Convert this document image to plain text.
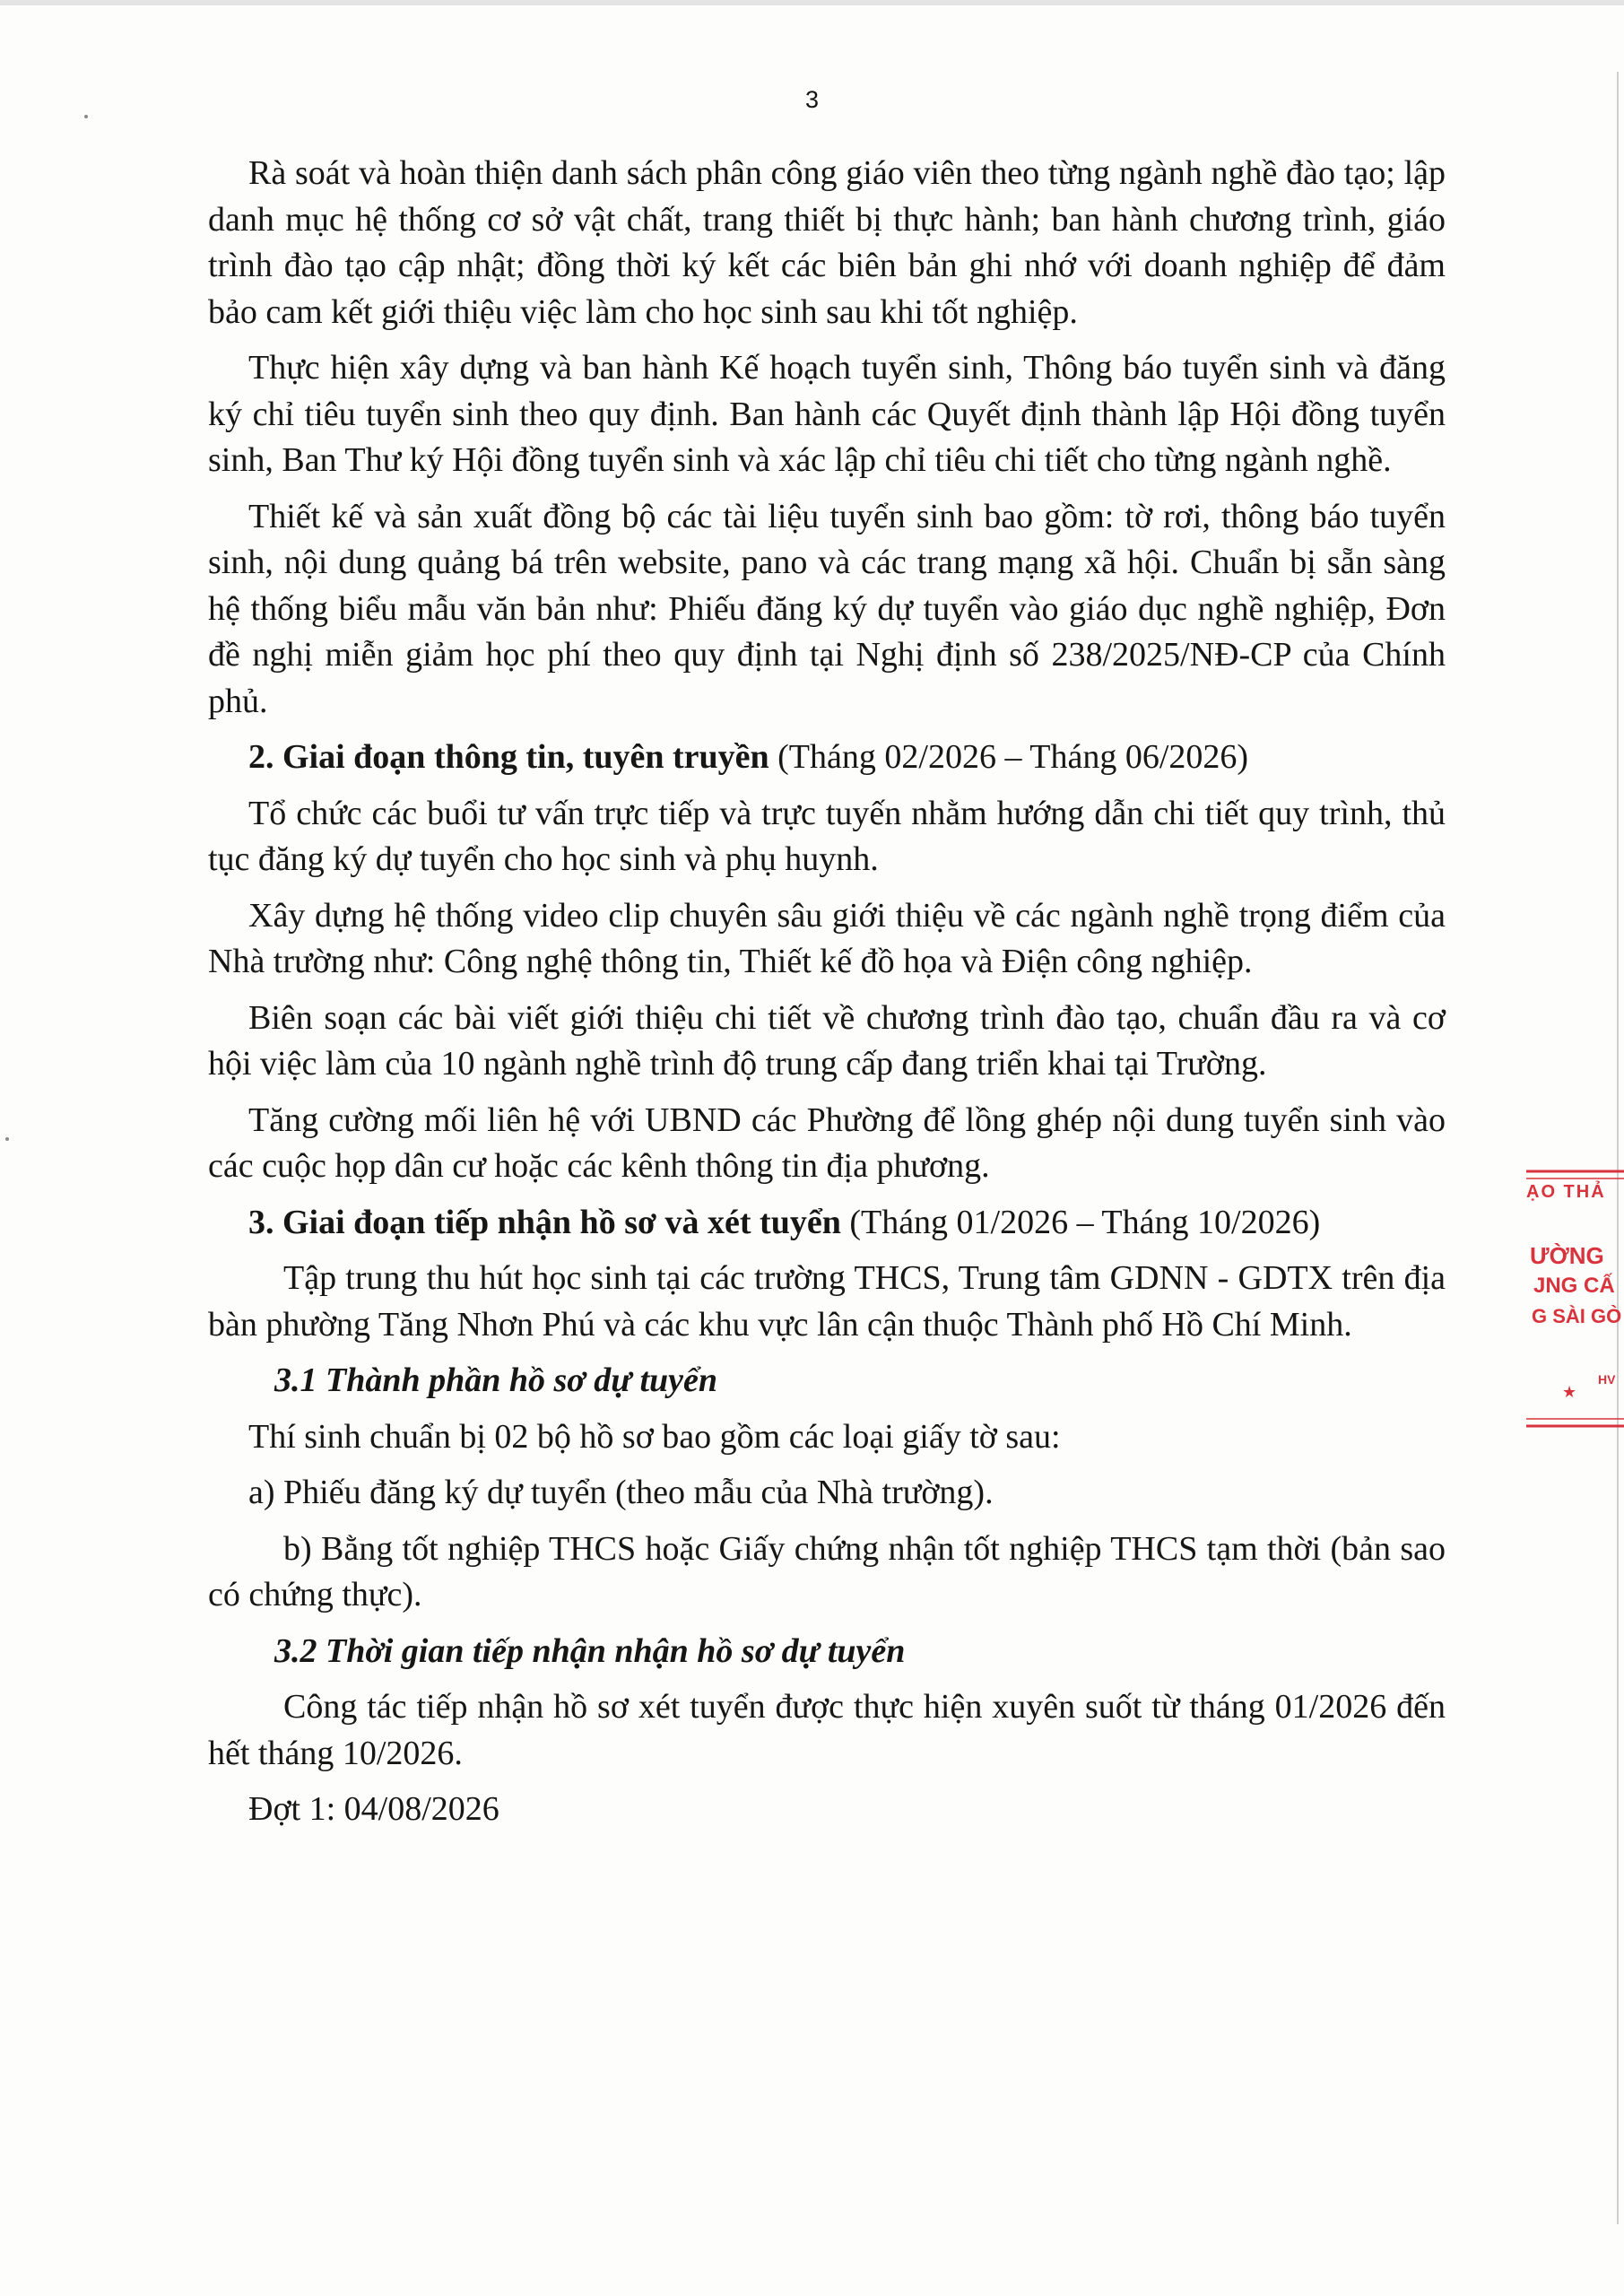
3

Rà soát và hoàn thiện danh sách phân công giáo viên theo từng ngành nghề đào tạo; lập danh mục hệ thống cơ sở vật chất, trang thiết bị thực hành; ban hành chương trình, giáo trình đào tạo cập nhật; đồng thời ký kết các biên bản ghi nhớ với doanh nghiệp để đảm bảo cam kết giới thiệu việc làm cho học sinh sau khi tốt nghiệp.

Thực hiện xây dựng và ban hành Kế hoạch tuyển sinh, Thông báo tuyển sinh và đăng ký chỉ tiêu tuyển sinh theo quy định. Ban hành các Quyết định thành lập Hội đồng tuyển sinh, Ban Thư ký Hội đồng tuyển sinh và xác lập chỉ tiêu chi tiết cho từng ngành nghề.

Thiết kế và sản xuất đồng bộ các tài liệu tuyển sinh bao gồm: tờ rơi, thông báo tuyển sinh, nội dung quảng bá trên website, pano và các trang mạng xã hội. Chuẩn bị sẵn sàng hệ thống biểu mẫu văn bản như: Phiếu đăng ký dự tuyển vào giáo dục nghề nghiệp, Đơn đề nghị miễn giảm học phí theo quy định tại Nghị định số 238/2025/NĐ-CP của Chính phủ.

2. Giai đoạn thông tin, tuyên truyền (Tháng 02/2026 – Tháng 06/2026)

Tổ chức các buổi tư vấn trực tiếp và trực tuyến nhằm hướng dẫn chi tiết quy trình, thủ tục đăng ký dự tuyển cho học sinh và phụ huynh.

Xây dựng hệ thống video clip chuyên sâu giới thiệu về các ngành nghề trọng điểm của Nhà trường như: Công nghệ thông tin, Thiết kế đồ họa và Điện công nghiệp.

Biên soạn các bài viết giới thiệu chi tiết về chương trình đào tạo, chuẩn đầu ra và cơ hội việc làm của 10 ngành nghề trình độ trung cấp đang triển khai tại Trường.

Tăng cường mối liên hệ với UBND các Phường để lồng ghép nội dung tuyển sinh vào các cuộc họp dân cư hoặc các kênh thông tin địa phương.

3. Giai đoạn tiếp nhận hồ sơ và xét tuyển (Tháng 01/2026 – Tháng 10/2026)

Tập trung thu hút học sinh tại các trường THCS, Trung tâm GDNN - GDTX trên địa bàn phường Tăng Nhơn Phú và các khu vực lân cận thuộc Thành phố Hồ Chí Minh.

3.1 Thành phần hồ sơ dự tuyển

Thí sinh chuẩn bị 02 bộ hồ sơ bao gồm các loại giấy tờ sau:

a) Phiếu đăng ký dự tuyển (theo mẫu của Nhà trường).

b) Bằng tốt nghiệp THCS hoặc Giấy chứng nhận tốt nghiệp THCS tạm thời (bản sao có chứng thực).

3.2 Thời gian tiếp nhận nhận hồ sơ dự tuyển

Công tác tiếp nhận hồ sơ xét tuyển được thực hiện xuyên suốt từ tháng 01/2026 đến hết tháng 10/2026.

Đợt 1: 04/08/2026

ẠO THẢ
ƯỜNG
JNG CẤ
G SÀI GÒ
★
HV
